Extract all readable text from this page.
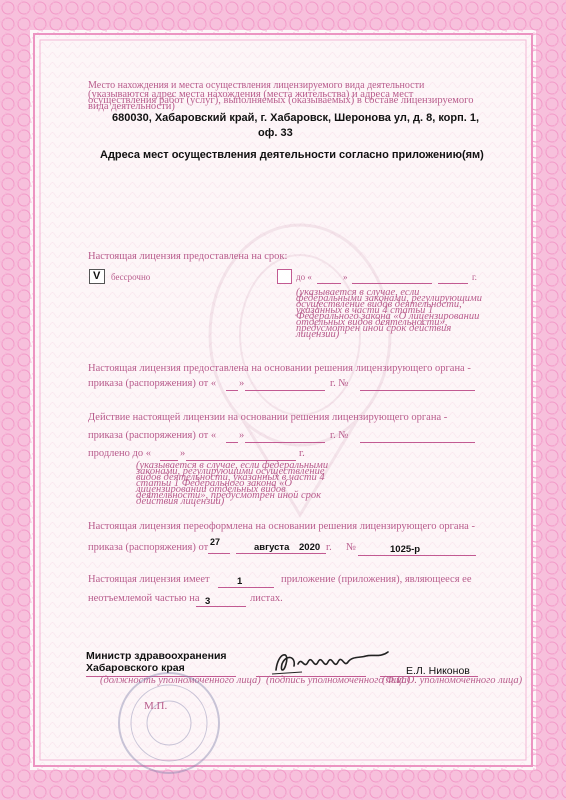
Место нахождения и места осуществления лицензируемого вида деятельности
(указываются адрес места нахождения (места жительства) и адреса мест осуществления работ (услуг), выполняемых (оказываемых) в составе лицензируемого вида деятельности)
680030, Хабаровский край, г. Хабаровск, Шеронова ул, д. 8, корп. 1,
оф. 33
Адреса мест осуществления деятельности согласно приложению(ям)
Настоящая лицензия предоставлена на срок:
V бессрочно	до «	»	г.
(указывается в случае, если федеральными законами, регулирующими осуществление видов деятельности, указанных в части 4 статьи 1 Федерального закона «О лицензировании отдельных видов деятельности», предусмотрен иной срок действия лицензии)
Настоящая лицензия предоставлена на основании решения лицензирующего органа -
приказа (распоряжения) от « »	г. №
Действие настоящей лицензии на основании решения лицензирующего органа -
приказа (распоряжения) от « »	г. №
продлено до «	»	г.
(указывается в случае, если федеральными законами, регулирующими осуществление видов деятельности, указанных в части 4 статьи 1 Федерального закона «О лицензировании отдельных видов деятельности», предусмотрен иной срок действия лицензии)
Настоящая лицензия переоформлена на основании решения лицензирующего органа -
приказа (распоряжения) от 27	августа 2020 г. №	1025-р
Настоящая лицензия имеет	1	приложение (приложения), являющееся ее
неотъемлемой частью на 3	листах.
Министр здравоохранения
Хабаровского края
(должность уполномоченного лица) (подпись уполномоченного лица)
Е.Л. Никонов
(Ф.И.О. уполномоченного лица)
М.П.
